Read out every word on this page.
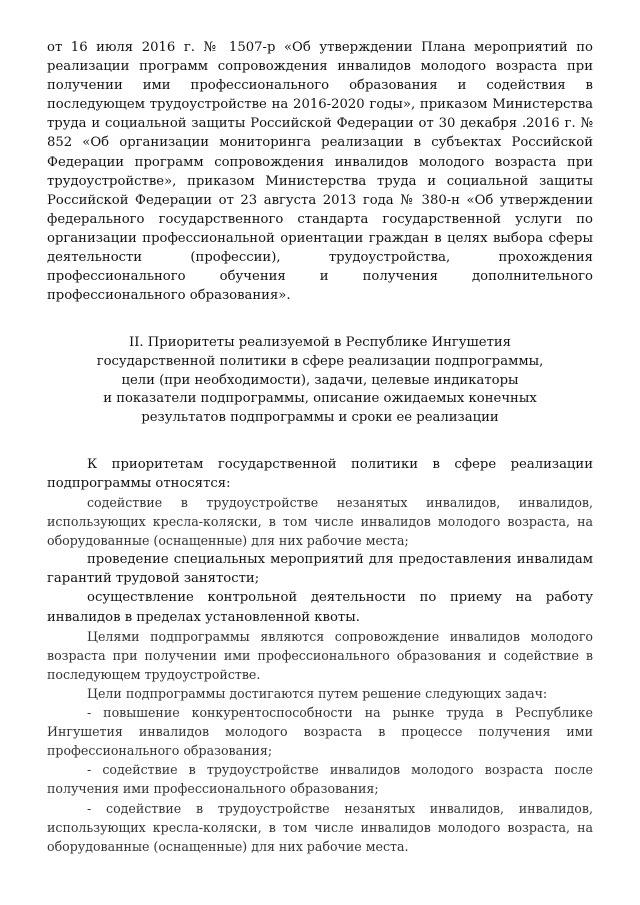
от 16 июля 2016 г. № 1507-р «Об утверждении Плана мероприятий по реализации программ сопровождения инвалидов молодого возраста при получении ими профессионального образования и содействия в последующем трудоустройстве на 2016-2020 годы», приказом Министерства труда и социальной защиты Российской Федерации от 30 декабря .2016 г. № 852 «Об организации мониторинга реализации в субъектах Российской Федерации программ сопровождения инвалидов молодого возраста при трудоустройстве», приказом Министерства труда и социальной защиты Российской Федерации от 23 августа 2013 года № 380-н «Об утверждении федерального государственного стандарта государственной услуги по организации профессиональной ориентации граждан в целях выбора сферы деятельности (профессии), трудоустройства, прохождения профессионального обучения и получения дополнительного профессионального образования».

II. Приоритеты реализуемой в Республике Ингушетия
государственной политики в сфере реализации подпрограммы,
цели (при необходимости), задачи, целевые индикаторы
и показатели подпрограммы, описание ожидаемых конечных
результатов подпрограммы и сроки ее реализации

К приоритетам государственной политики в сфере реализации подпрограммы относятся:

содействие в трудоустройстве незанятых инвалидов, инвалидов, использующих кресла-коляски, в том числе инвалидов молодого возраста, на оборудованные (оснащенные) для них рабочие места;

проведение специальных мероприятий для предоставления инвалидам гарантий трудовой занятости;

осуществление контрольной деятельности по приему на работу инвалидов в пределах установленной квоты.

Целями подпрограммы являются сопровождение инвалидов молодого возраста при получении ими профессионального образования и содействие в последующем трудоустройстве.

Цели подпрограммы достигаются путем решение следующих задач:

- повышение конкурентоспособности на рынке труда в Республике Ингушетия инвалидов молодого возраста в процессе получения ими профессионального образования;

- содействие в трудоустройстве инвалидов молодого возраста после получения ими профессионального образования;

- содействие в трудоустройстве незанятых инвалидов, инвалидов, использующих кресла-коляски, в том числе инвалидов молодого возраста, на оборудованные (оснащенные) для них рабочие места.
